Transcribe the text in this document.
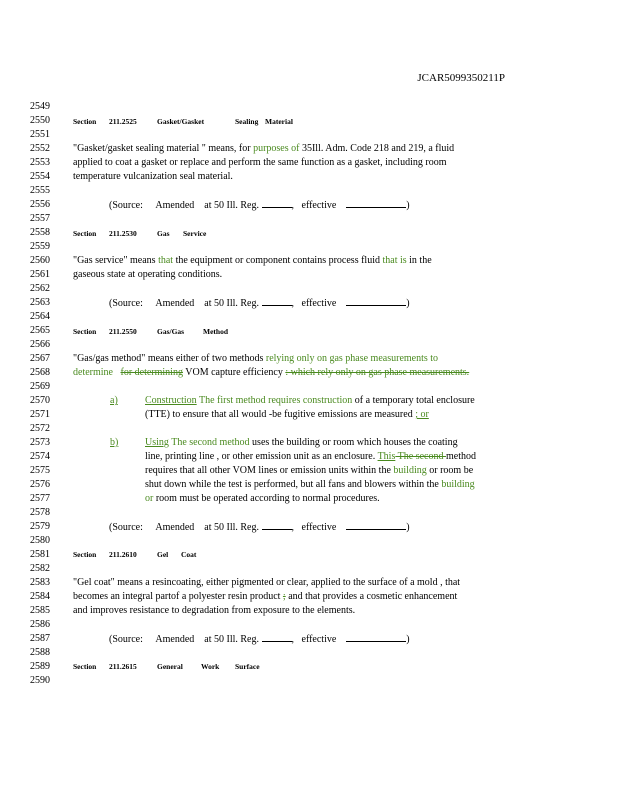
JCAR5099350211P
2549
2550
2551
2552
2553
2554
2555
2556
2557
2558
2559
2560
2561
2562
2563
2564
2565
2566
2567
2568
2569
2570
2571
2572
2573
2574
2575
2576
2577
2578
2579
2580
2581
2582
2583
2584
2585
2586
2587
2588
2589
2590
Section	211.2525	Gasket/Gasket	Sealing Material
"Gasket/gasket sealing material " means, for purposes of 35Ill. Adm. Code 218 and 219, a fluid
applied to coat a gasket or replace and perform the same function as a gasket, including room
temperature vulcanization seal material.
(Source: Amended at 50 Ill. Reg.	,   effective	)
Section	211.2530	Gas	Service
"Gas service" means that the equipment or component contains process fluid that is in the
gaseous state at operating conditions.
(Source: Amended at 50 Ill. Reg.	,   effective	)
Section	211.2550	Gas/Gas	Method
"Gas/gas method" means either of two methods relying only on gas phase measurements to
determine for determining VOM capture efficiency : which rely only on gas phase measurements.
a)	Construction The first method requires construction of a temporary total enclosure
(TTE) to ensure that all would -be fugitive emissions are measured ; or
b)	Using The second method uses the building or room which houses the coating
line, printing line , or other emission unit as an enclosure. This The second method
requires that all other VOM lines or emission units within the building or room be
shut down while the test is performed, but all fans and blowers within the building
or room must be operated according to normal procedures.
(Source: Amended at 50 Ill. Reg.	,   effective	)
Section	211.2610	Gel	Coat
"Gel coat" means a resincoating, either pigmented or clear, applied to the surface of a mold , that
becomes an integral partof a polyester resin product ; and that provides a cosmetic enhancement
and improves resistance to degradation from exposure to the elements.
(Source: Amended at 50 Ill. Reg.	,   effective	)
Section	211.2615	General	Work	Surface
